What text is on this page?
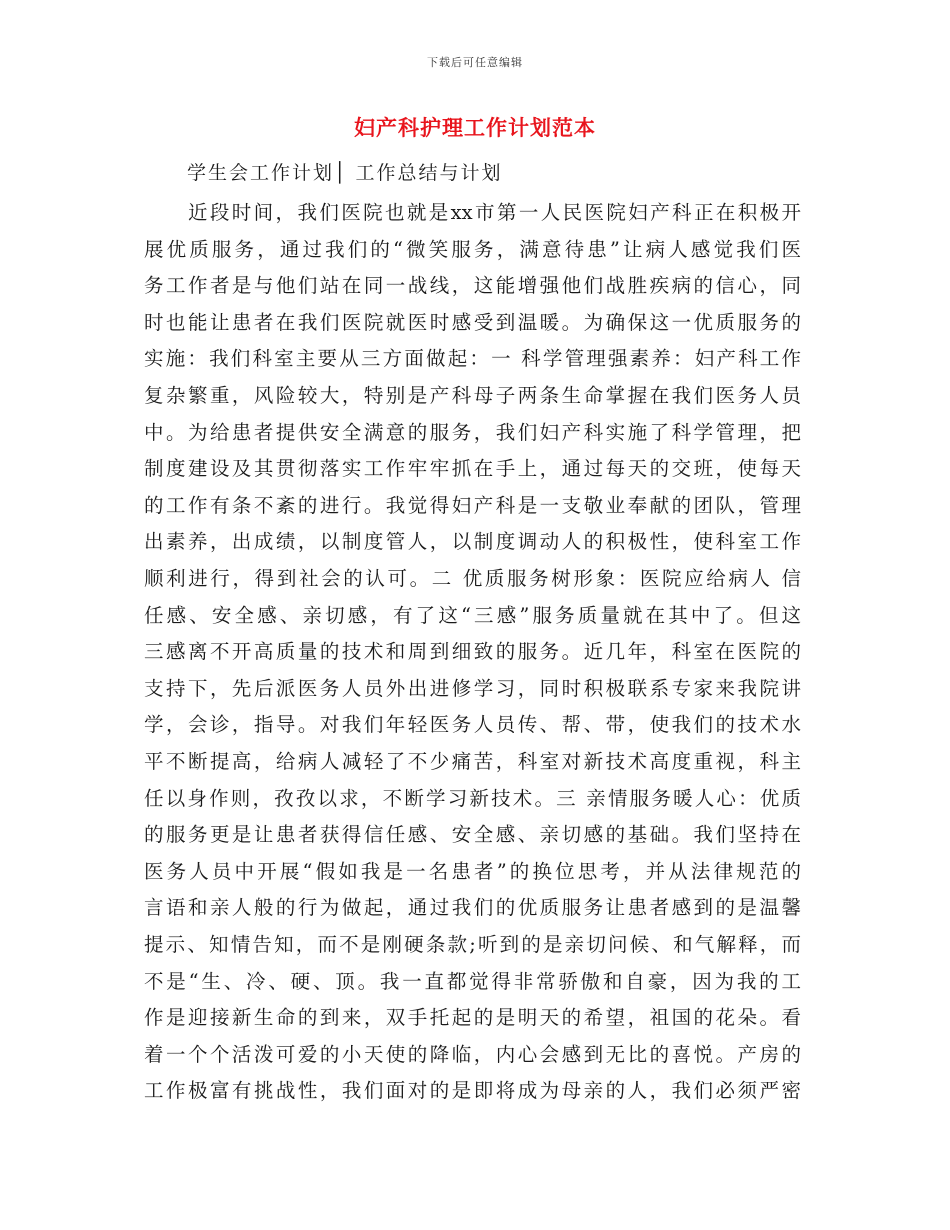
下载后可任意编辑
妇产科护理工作计划范本
学生会工作计划│ 工作总结与计划
近段时间，我们医院也就是xx市第一人民医院妇产科正在积极开
展优质服务，通过我们的“微笑服务，满意待患”让病人感觉我们医
务工作者是与他们站在同一战线，这能增强他们战胜疾病的信心，同
时也能让患者在我们医院就医时感受到温暖。为确保这一优质服务的
实施：我们科室主要从三方面做起：一 科学管理强素养：妇产科工作
复杂繁重，风险较大，特别是产科母子两条生命掌握在我们医务人员
中。为给患者提供安全满意的服务，我们妇产科实施了科学管理，把
制度建设及其贯彻落实工作牢牢抓在手上，通过每天的交班，使每天
的工作有条不紊的进行。我觉得妇产科是一支敬业奉献的团队，管理
出素养，出成绩，以制度管人，以制度调动人的积极性，使科室工作
顺利进行，得到社会的认可。二 优质服务树形象：医院应给病人 信
任感、安全感、亲切感，有了这“三感”服务质量就在其中了。但这
三感离不开高质量的技术和周到细致的服务。近几年，科室在医院的
支持下，先后派医务人员外出进修学习，同时积极联系专家来我院讲
学，会诊，指导。对我们年轻医务人员传、帮、带，使我们的技术水
平不断提高，给病人减轻了不少痛苦，科室对新技术高度重视，科主
任以身作则，孜孜以求，不断学习新技术。三 亲情服务暖人心：优质
的服务更是让患者获得信任感、安全感、亲切感的基础。我们坚持在
医务人员中开展“假如我是一名患者”的换位思考，并从法律规范的
言语和亲人般的行为做起，通过我们的优质服务让患者感到的是温馨
提示、知情告知，而不是刚硬条款;听到的是亲切问候、和气解释，而
不是“生、冷、硬、顶。我一直都觉得非常骄傲和自豪，因为我的工
作是迎接新生命的到来，双手托起的是明天的希望，祖国的花朵。看
着一个个活泼可爱的小天使的降临，内心会感到无比的喜悦。产房的
工作极富有挑战性，我们面对的是即将成为母亲的人，我们必须严密
